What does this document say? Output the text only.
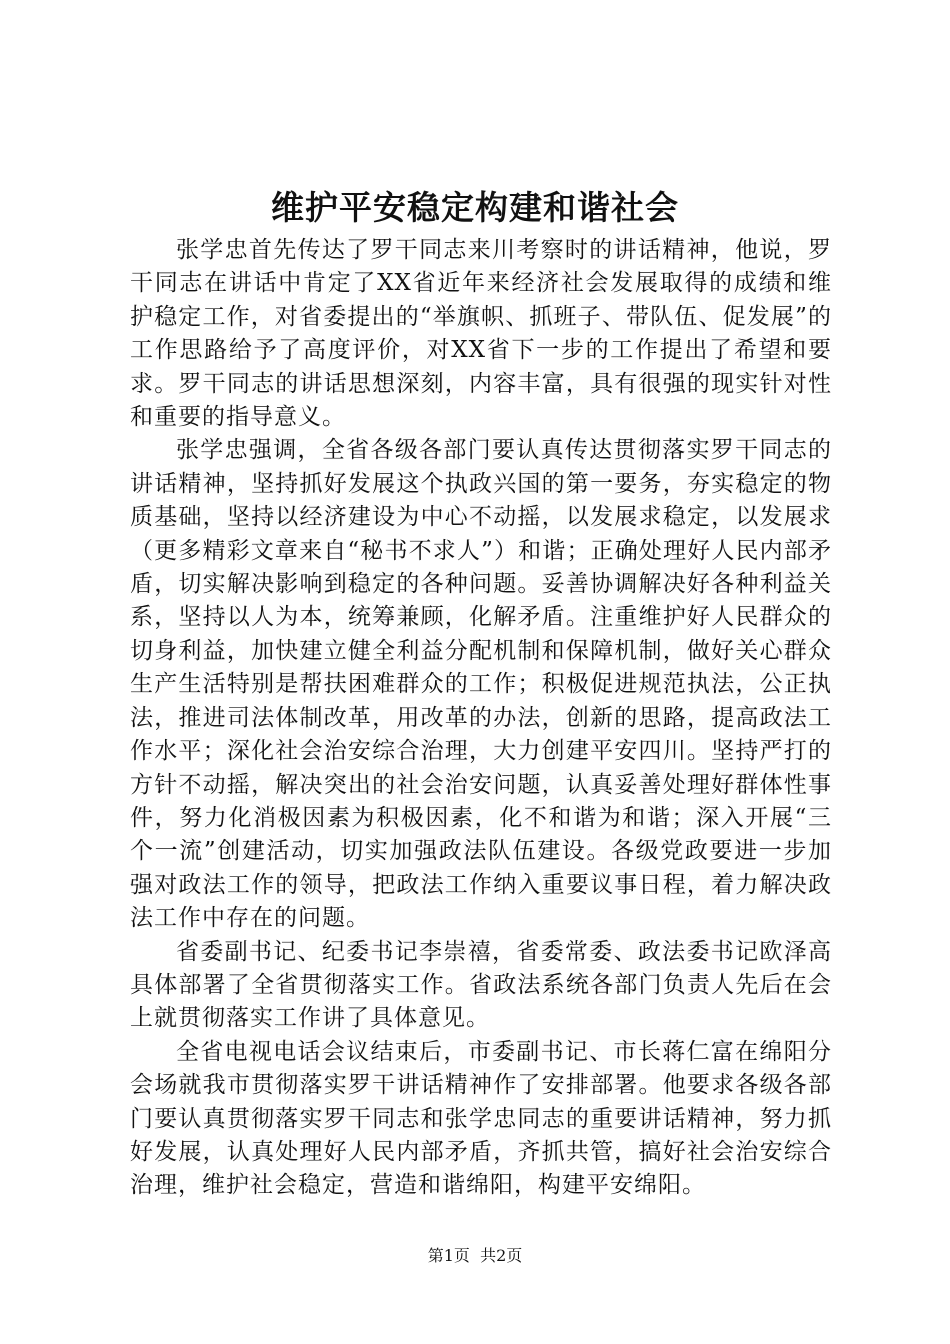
维护平安稳定构建和谐社会

张学忠首先传达了罗干同志来川考察时的讲话精神，他说，罗干同志在讲话中肯定了XX省近年来经济社会发展取得的成绩和维护稳定工作，对省委提出的“举旗帜、抓班子、带队伍、促发展”的工作思路给予了高度评价，对XX省下一步的工作提出了希望和要求。罗干同志的讲话思想深刻，内容丰富，具有很强的现实针对性和重要的指导意义。

张学忠强调，全省各级各部门要认真传达贯彻落实罗干同志的讲话精神，坚持抓好发展这个执政兴国的第一要务，夯实稳定的物质基础，坚持以经济建设为中心不动摇，以发展求稳定，以发展求（更多精彩文章来自“秘书不求人”）和谐；正确处理好人民内部矛盾，切实解决影响到稳定的各种问题。妥善协调解决好各种利益关系，坚持以人为本，统筹兼顾，化解矛盾。注重维护好人民群众的切身利益，加快建立健全利益分配机制和保障机制，做好关心群众生产生活特别是帮扶困难群众的工作；积极促进规范执法，公正执法，推进司法体制改革，用改革的办法，创新的思路，提高政法工作水平；深化社会治安综合治理，大力创建平安四川。坚持严打的方针不动摇，解决突出的社会治安问题，认真妥善处理好群体性事件，努力化消极因素为积极因素，化不和谐为和谐；深入开展“三个一流”创建活动，切实加强政法队伍建设。各级党政要进一步加强对政法工作的领导，把政法工作纳入重要议事日程，着力解决政法工作中存在的问题。

省委副书记、纪委书记李崇禧，省委常委、政法委书记欧泽高具体部署了全省贯彻落实工作。省政法系统各部门负责人先后在会上就贯彻落实工作讲了具体意见。

全省电视电话会议结束后，市委副书记、市长蒋仁富在绵阳分会场就我市贯彻落实罗干讲话精神作了安排部署。他要求各级各部门要认真贯彻落实罗干同志和张学忠同志的重要讲话精神，努力抓好发展，认真处理好人民内部矛盾，齐抓共管，搞好社会治安综合治理，维护社会稳定，营造和谐绵阳，构建平安绵阳。

第1页 共2页
